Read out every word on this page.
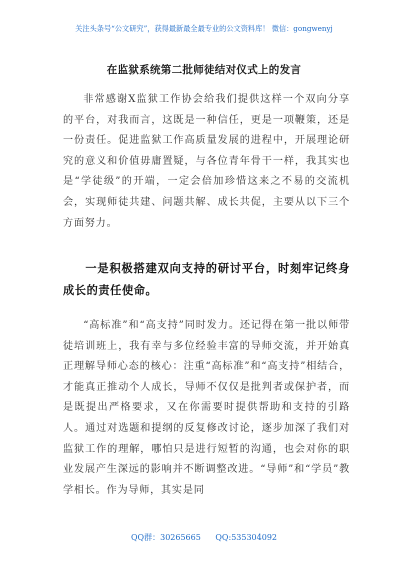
关注头条号“公文研究”，获得最新最全最专业的公文资料库！ 微信：gongwenyj
在监狱系统第二批师徒结对仪式上的发言

非常感谢X监狱工作协会给我们提供这样一个双向分享的平台，对我而言，这既是一种信任，更是一项鞭策，还是一份责任。促进监狱工作高质量发展的进程中，开展理论研究的意义和价值毋庸置疑，与各位青年骨干一样，我其实也是“学徒级”的开端，一定会倍加珍惜这来之不易的交流机会，实现师徒共建、问题共解、成长共促，主要从以下三个方面努力。

一是积极搭建双向支持的研讨平台，时刻牢记终身成长的责任使命。

“高标准”和“高支持”同时发力。还记得在第一批以师带徒培训班上，我有幸与多位经验丰富的导师交流，并开始真正理解导师心态的核心：注重“高标准”和“高支持”相结合，才能真正推动个人成长，导师不仅仅是批判者或保护者，而是既提出严格要求，又在你需要时提供帮助和支持的引路人。通过对选题和提纲的反复修改讨论，逐步加深了我们对监狱工作的理解，哪怕只是进行短暂的沟通，也会对你的职业发展产生深远的影响并不断调整改进。“导师”和“学员”教学相长。作为导师，其实是同

QQ群：30265665 QQ:535304092
